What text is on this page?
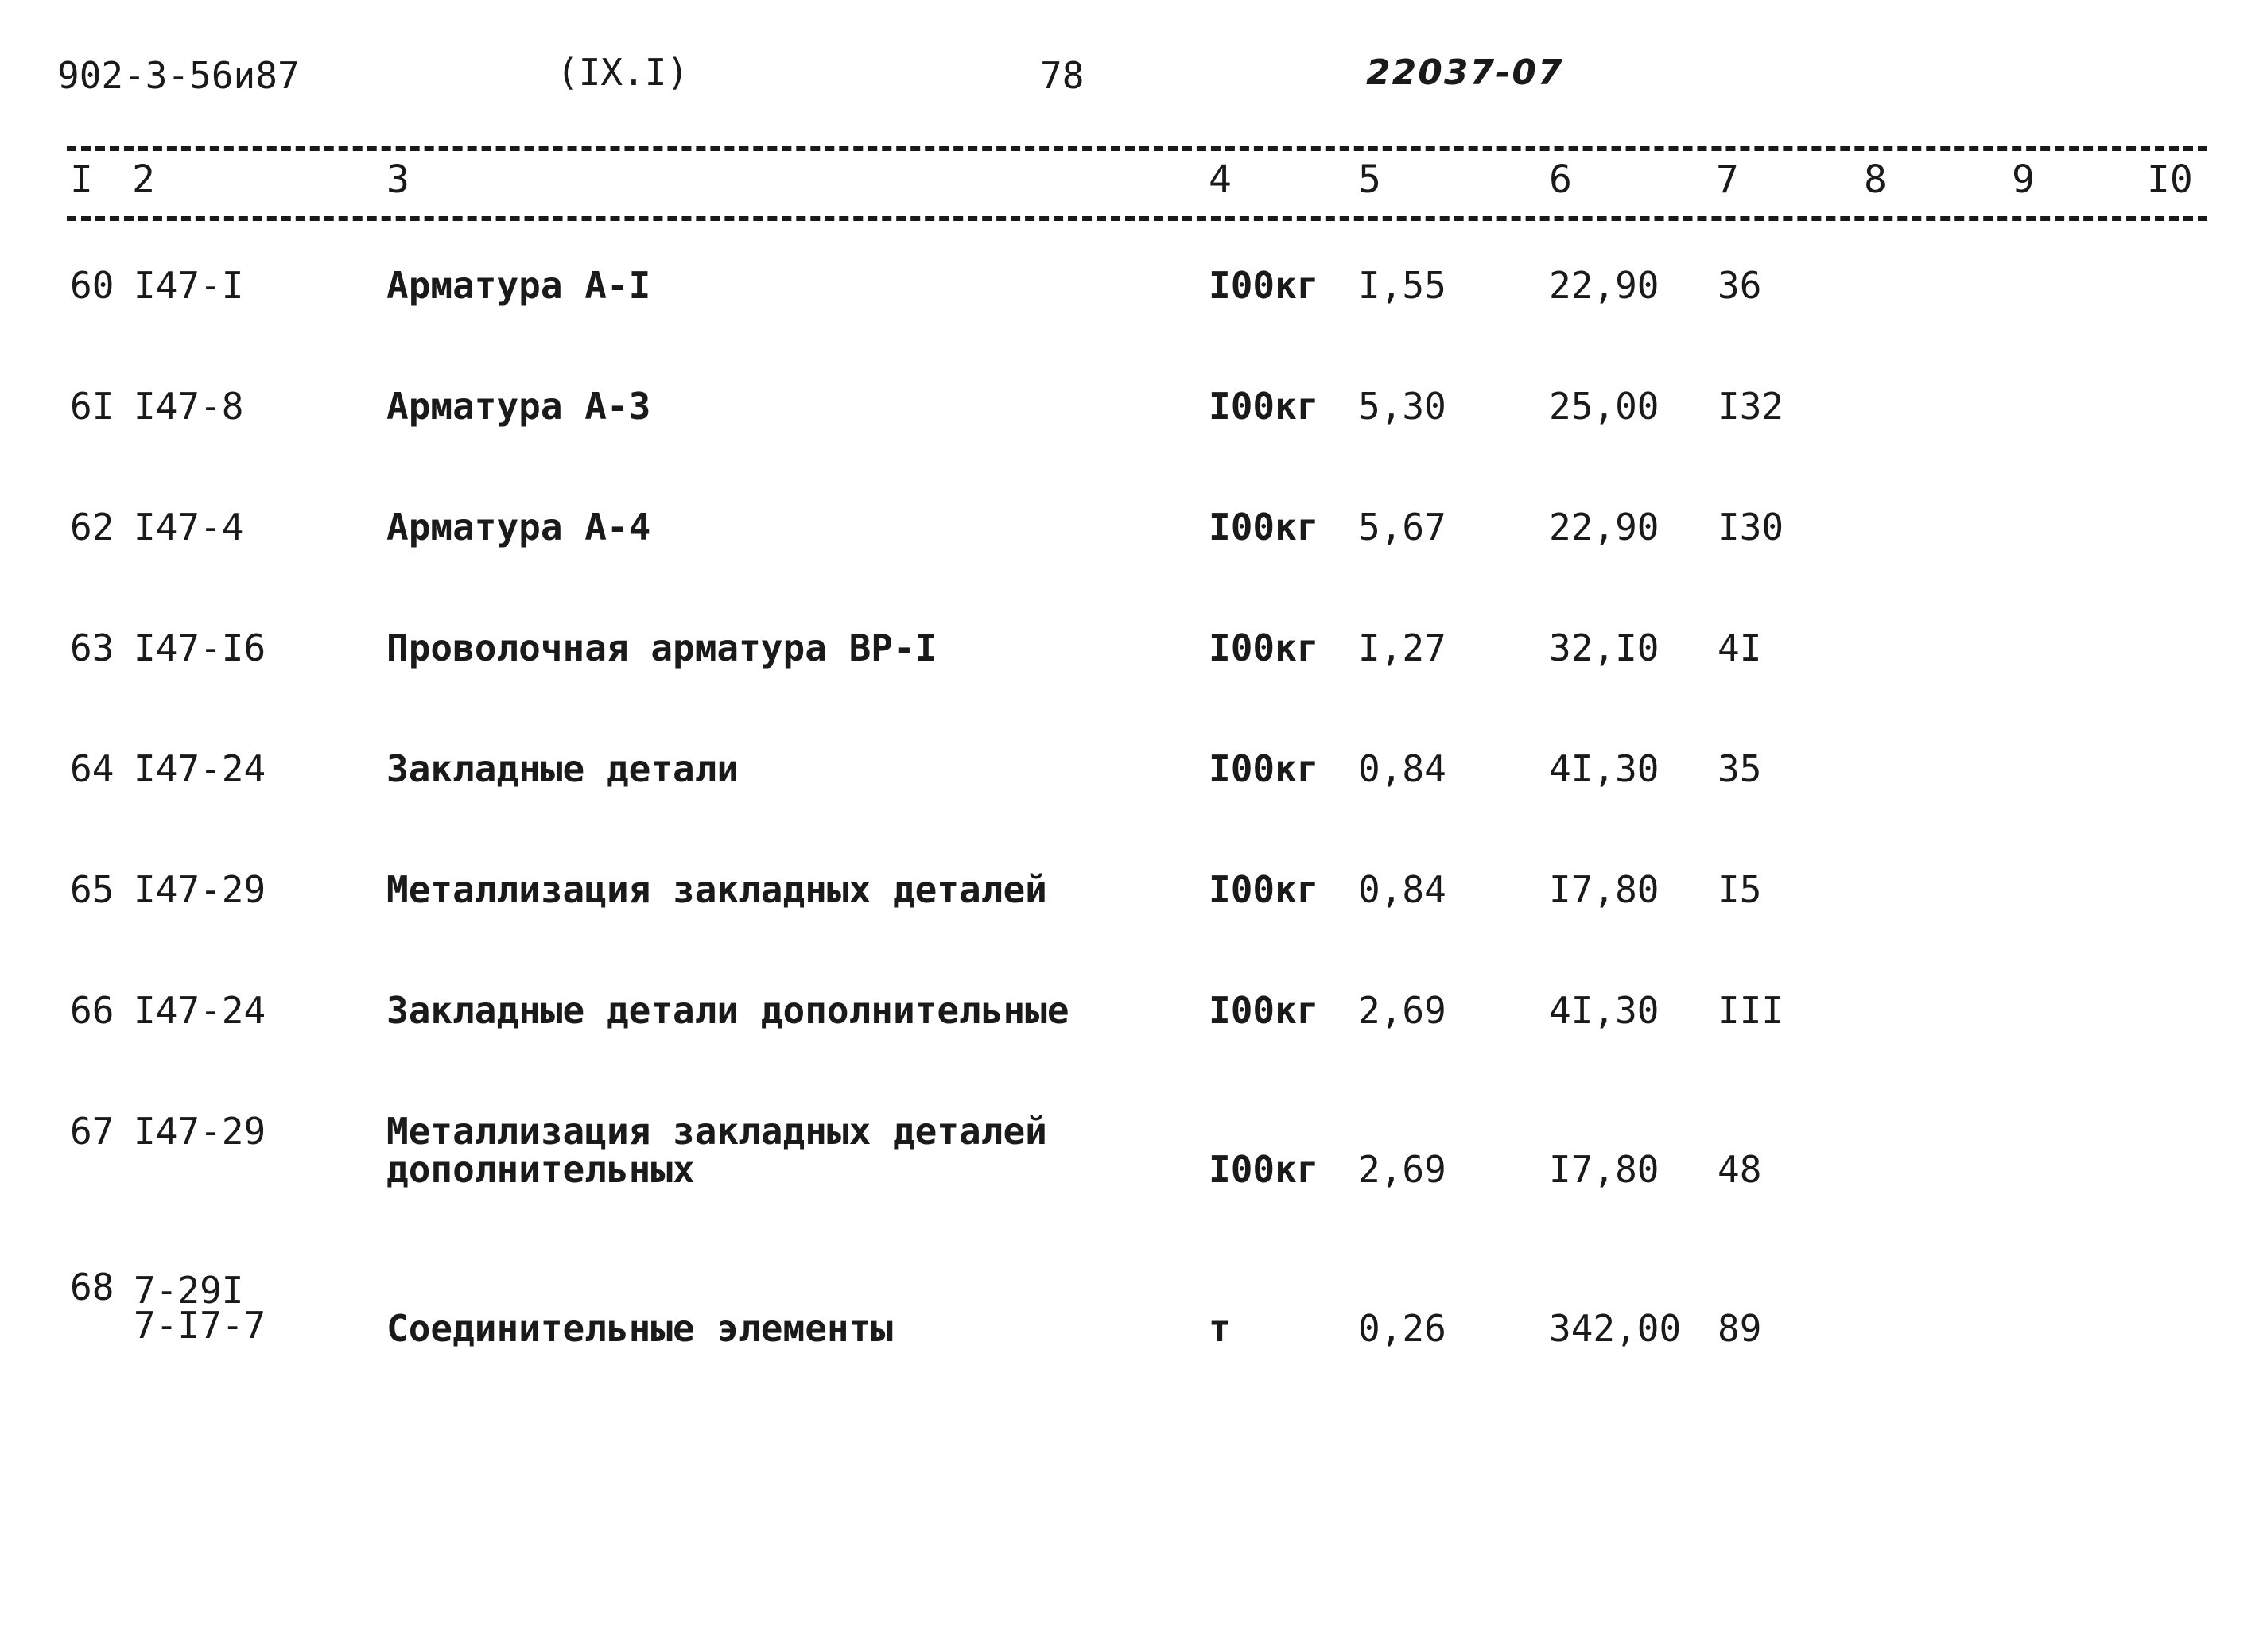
902-3-56и87	(IX.I)	78	22037-07
I 2	3	4	5	6	7	8	9	I0
60 I47-I	Арматура А-I	I00кг I,55	22,90 36
6I I47-8	Арматура А-3	I00кг 5,30	25,00 I32
62 I47-4	Арматура А-4	I00кг 5,67	22,90 I30
63 I47-I6	Проволочная арматура ВР-I	I00кг I,27	32,I0 4I
64 I47-24	Закладные детали	I00кг 0,84	4I,30 35
65 I47-29	Металлизация закладных деталей	I00кг 0,84	I7,80 I5
66 I47-24	Закладные детали дополнительные	I00кг 2,69	4I,30 III
67 I47-29	Металлизация закладных деталей
дополнительных	I00кг 2,69	I7,80 48
68 7-29I
7-I7-7	Соединительные элементы	т	0,26	342,00 89
